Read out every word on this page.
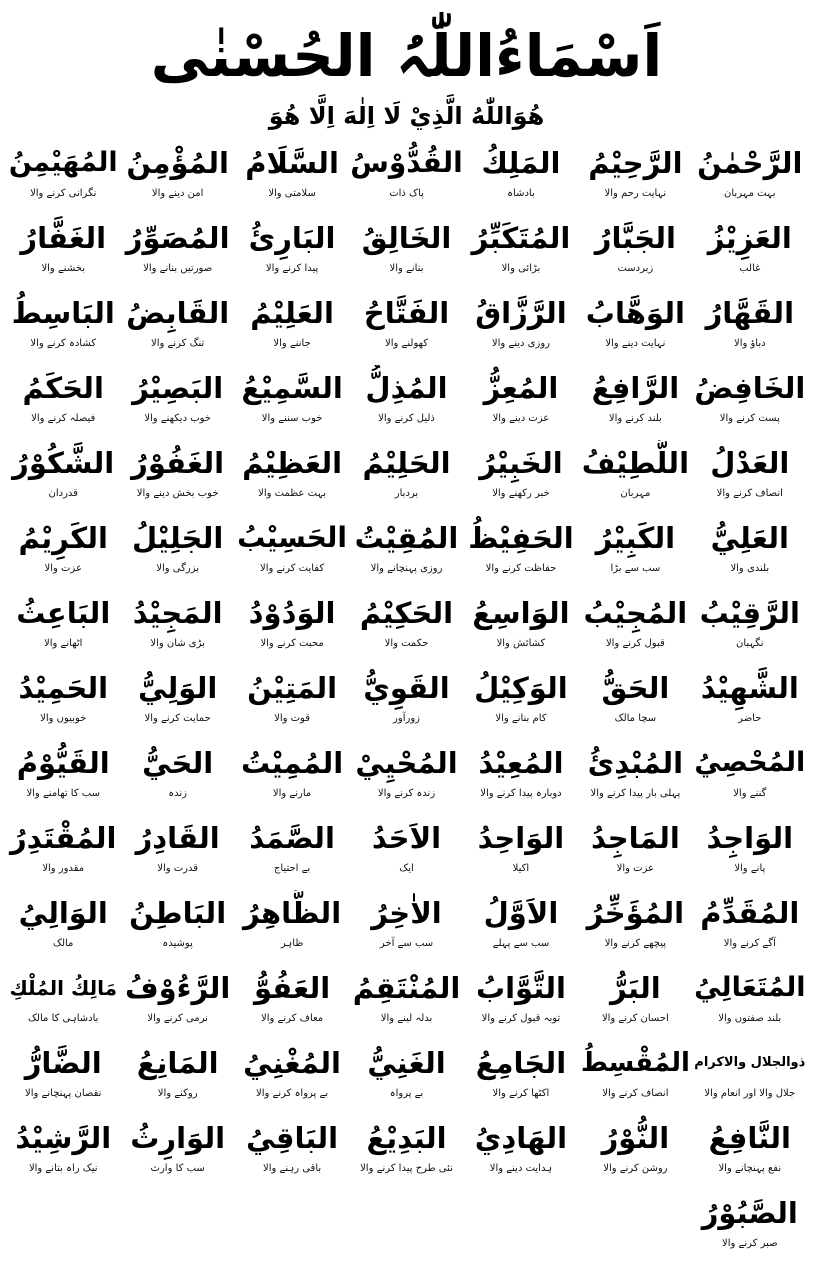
اَسْمَاءُاللّٰہُ الحُسْنٰی
هُوَاللّٰهُ الَّذِيْ لَا اِلٰهَ اِلَّا هُوَ
الرَّحْمٰنُ
بہت مہربان
الرَّحِيْمُ
نہایت رحم والا
المَلِكُ
بادشاہ
القُدُّوْسُ
پاک ذات
السَّلَامُ
سلامتی والا
المُؤْمِنُ
امن دینے والا
المُهَيْمِنُ
نگرانی کرنے والا
العَزِيْزُ
غالب
الجَبَّارُ
زبردست
المُتَكَبِّرُ
بڑائی والا
الخَالِقُ
بنانے والا
البَارِئُ
پیدا کرنے والا
المُصَوِّرُ
صورتیں بنانے والا
الغَفَّارُ
بخشنے والا
القَهَّارُ
دباؤ والا
الوَهَّابُ
نہایت دینے والا
الرَّزَّاقُ
روزی دینے والا
الفَتَّاحُ
کھولنے والا
العَلِيْمُ
جاننے والا
القَابِضُ
تنگ کرنے والا
البَاسِطُ
کشادہ کرنے والا
الخَافِضُ
پست کرنے والا
الرَّافِعُ
بلند کرنے والا
المُعِزُّ
عزت دینے والا
المُذِلُّ
ذلیل کرنے والا
السَّمِيْعُ
خوب سننے والا
البَصِيْرُ
خوب دیکھنے والا
الحَكَمُ
فیصلہ کرنے والا
العَدْلُ
انصاف کرنے والا
اللَّطِيْفُ
مہربان
الخَبِيْرُ
خبر رکھنے والا
الحَلِيْمُ
بردبار
العَظِيْمُ
بہت عظمت والا
الغَفُوْرُ
خوب بخش دینے والا
الشَّكُوْرُ
قدردان
العَلِيُّ
بلندی والا
الكَبِيْرُ
سب سے بڑا
الحَفِيْظُ
حفاظت کرنے والا
المُقِيْتُ
روزی پہنچانے والا
الحَسِيْبُ
کفایت کرنے والا
الجَلِيْلُ
بزرگی والا
الكَرِيْمُ
عزت والا
الرَّقِيْبُ
نگہبان
المُجِيْبُ
قبول کرنے والا
الوَاسِعُ
کشائش والا
الحَكِيْمُ
حکمت والا
الوَدُوْدُ
محبت کرنے والا
المَجِيْدُ
بڑی شان والا
البَاعِثُ
اٹھانے والا
الشَّهِيْدُ
حاضر
الحَقُّ
سچا مالک
الوَكِيْلُ
کام بنانے والا
القَوِيُّ
زورآور
المَتِيْنُ
قوت والا
الوَلِيُّ
حمایت کرنے والا
الحَمِيْدُ
خوبیوں والا
المُحْصِيُ
گننے والا
المُبْدِئُ
پہلی بار پیدا کرنے والا
المُعِيْدُ
دوبارہ پیدا کرنے والا
المُحْيِيْ
زندہ کرنے والا
المُمِيْتُ
مارنے والا
الحَيُّ
زندہ
القَيُّوْمُ
سب کا تھامنے والا
الوَاجِدُ
پانے والا
المَاجِدُ
عزت والا
الوَاحِدُ
اکیلا
الاَحَدُ
ایک
الصَّمَدُ
بے احتیاج
القَادِرُ
قدرت والا
المُقْتَدِرُ
مقدور والا
المُقَدِّمُ
آگے کرنے والا
المُؤَخِّرُ
پیچھے کرنے والا
الاَوَّلُ
سب سے پہلے
الاٰخِرُ
سب سے آخر
الظَّاهِرُ
ظاہر
البَاطِنُ
پوشیدہ
الوَالِيُ
مالک
المُتَعَالِيُ
بلند صفتوں والا
البَرُّ
احسان کرنے والا
التَّوَّابُ
توبہ قبول کرنے والا
المُنْتَقِمُ
بدلہ لینے والا
العَفُوُّ
معاف کرنے والا
الرَّءُوْفُ
نرمی کرنے والا
مَالِكُ المُلْكِ
بادشاہی کا مالک
ذوالجلال والاکرام
جلال والا اور انعام والا
المُقْسِطُ
انصاف کرنے والا
الجَامِعُ
اکٹھا کرنے والا
الغَنِيُّ
بے پرواہ
المُغْنِيُ
بے پرواہ کرنے والا
المَانِعُ
روکنے والا
الضَّارُّ
نقصان پہنچانے والا
النَّافِعُ
نفع پہنچانے والا
النُّوْرُ
روشن کرنے والا
الهَادِيُ
ہدایت دینے والا
البَدِيْعُ
نئی طرح پیدا کرنے والا
البَاقِيُ
باقی رہنے والا
الوَارِثُ
سب کا وارث
الرَّشِيْدُ
نیک راہ بتانے والا
الصَّبُوْرُ
صبر کرنے والا
